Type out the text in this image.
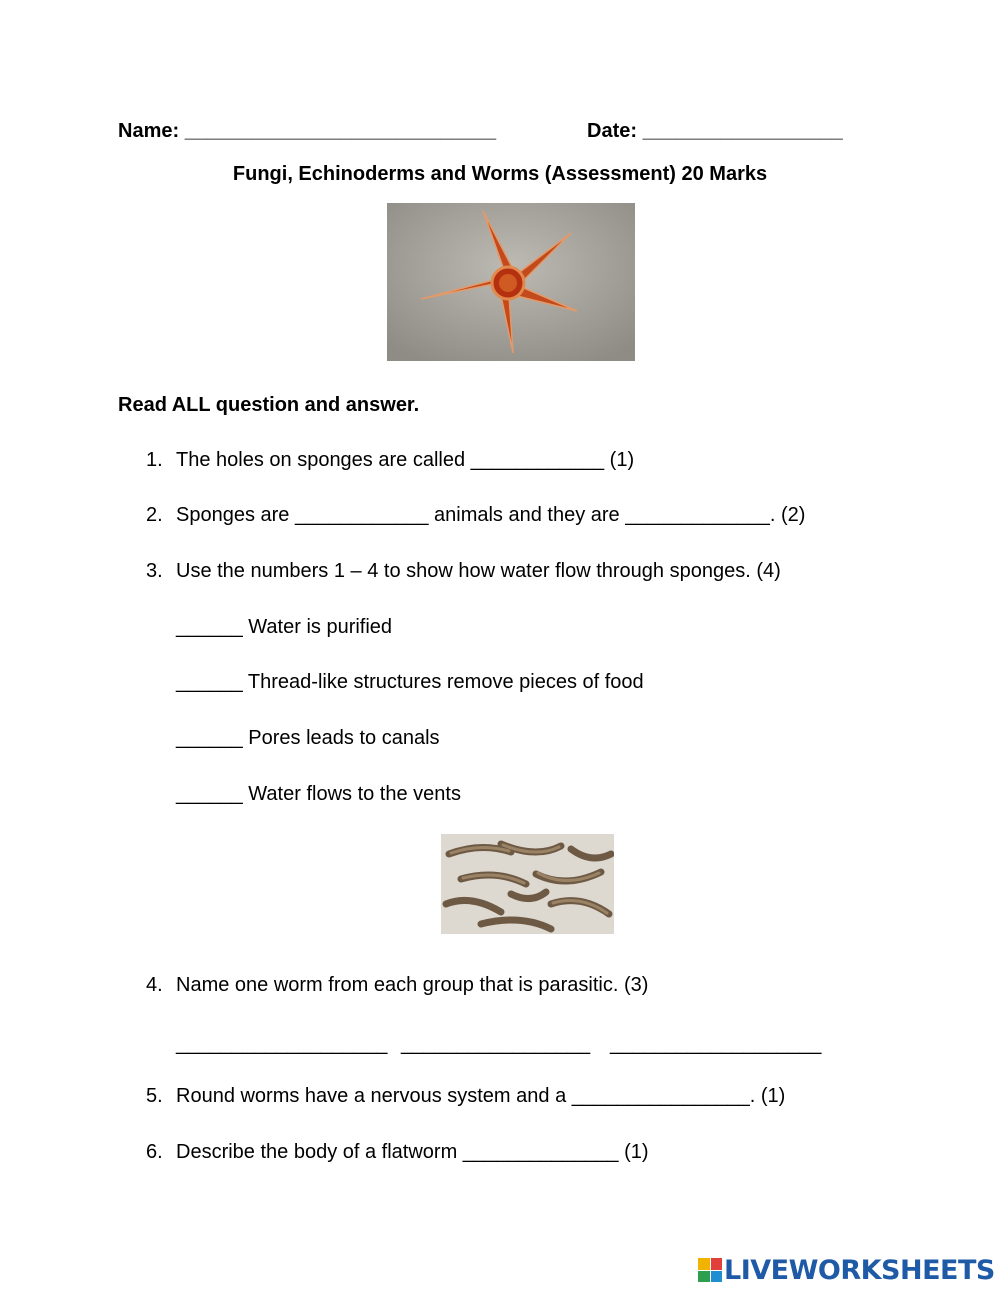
Name: ____________________________	Date: __________________
Fungi, Echinoderms and Worms (Assessment) 20 Marks
Read ALL question and answer.
1. The holes on sponges are called ____________ (1)
2. Sponges are ____________ animals and they are _____________. (2)
3. Use the numbers 1 – 4 to show how water flow through sponges. (4)
______ Water is purified
______ Thread-like structures remove pieces of food
______ Pores leads to canals
______ Water flows to the vents
4. Name one worm from each group that is parasitic. (3)
___________________ _________________ ___________________
5. Round worms have a nervous system and a ________________. (1)
6. Describe the body of a flatworm ______________ (1)
LIVEWORKSHEETS
